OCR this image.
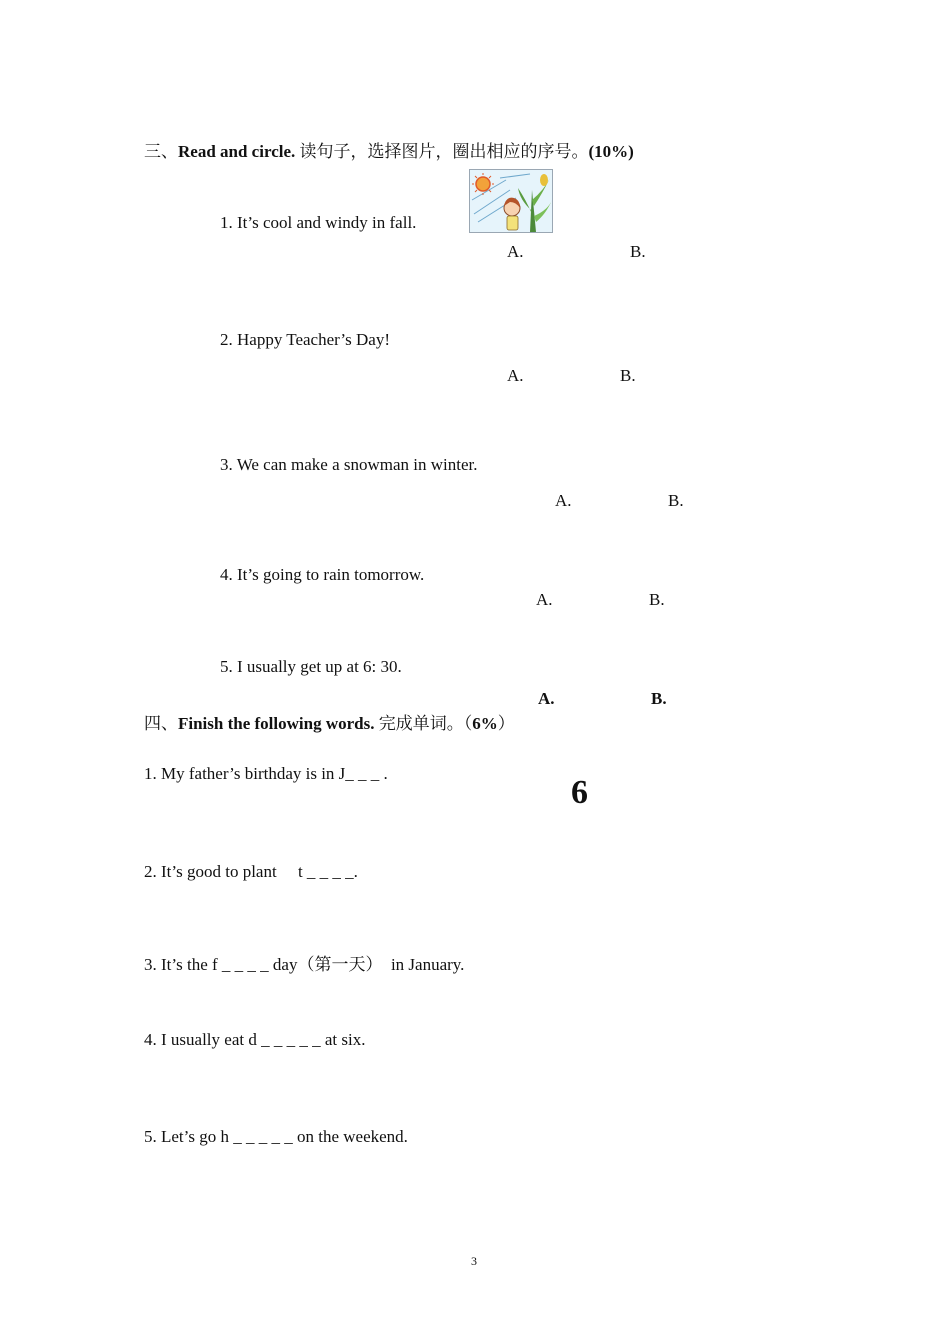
三、Read and circle. 读句子，选择图片，圈出相应的序号。(10%)
1. It’s cool and windy in fall.
A.	B.
2. Happy Teacher’s Day!
A.	B.
3. We can make a snowman in winter.
A.	B.
4. It’s going to rain tomorrow.
A.	B.
5. I usually get up at 6: 30.
A.	B.
四、Finish the following words. 完成单词。（6%）
1. My father’s birthday is in J_ _ _ .
6
2. It’s good to plant　 t _ _ _ _.
3. It’s the f _ _ _ _ day（第一天）　in January.
4. I usually eat d _ _ _ _ _ at six.
5. Let’s go h _ _ _ _ _ on the weekend.
3
